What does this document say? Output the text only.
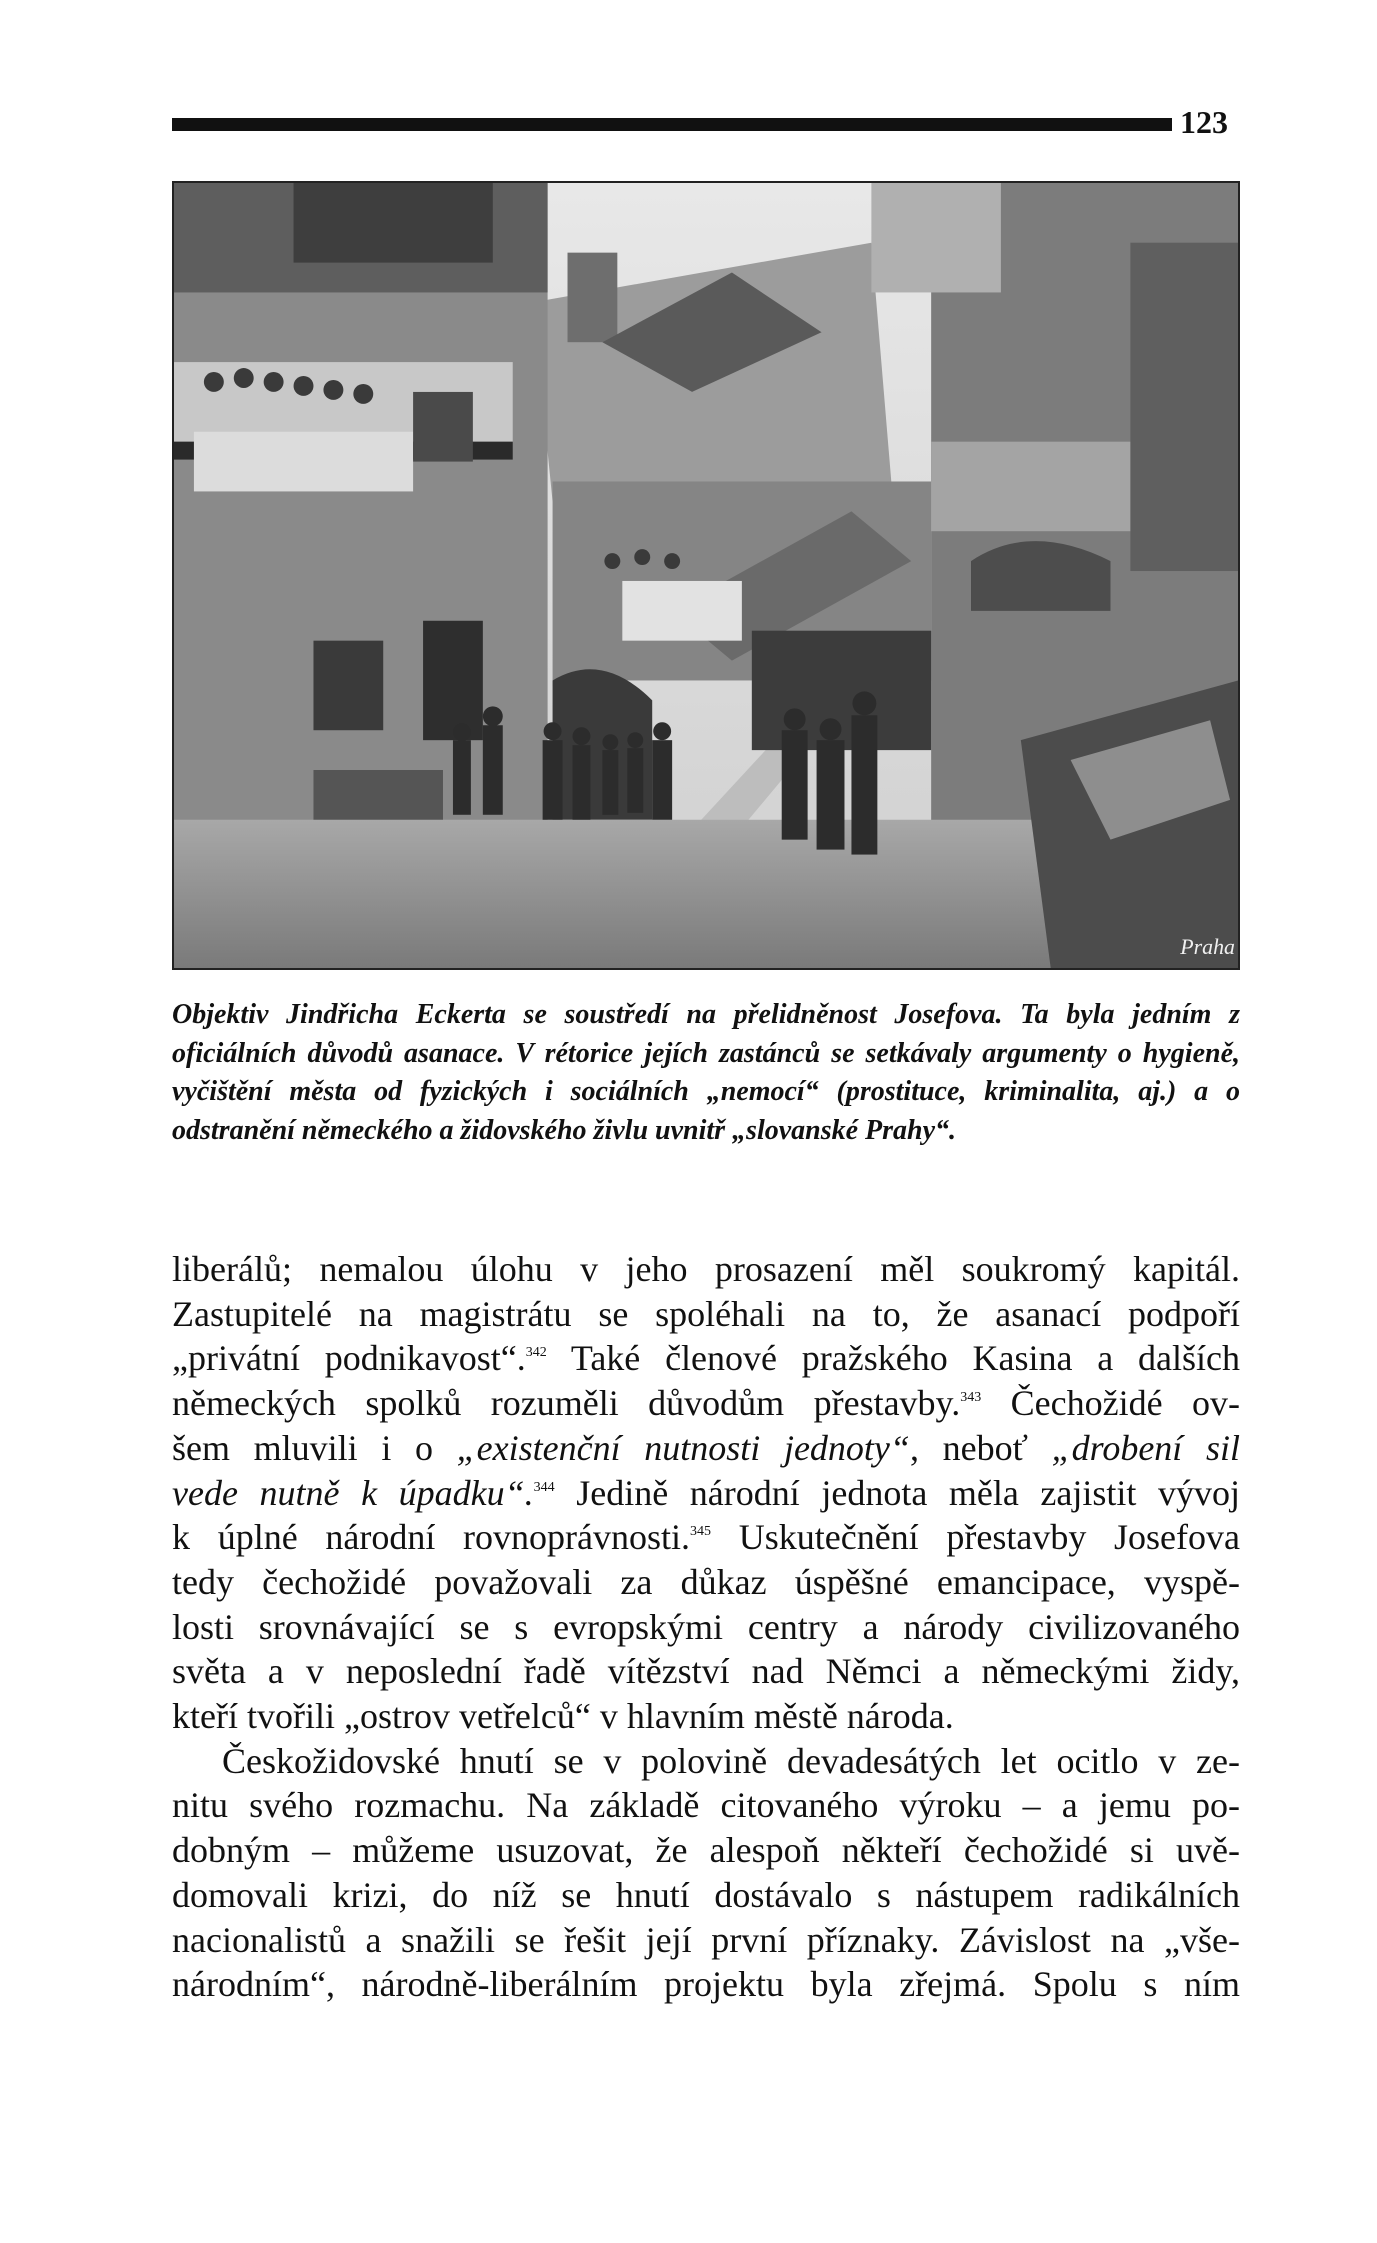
123
Praha

Objektiv Jindřicha Eckerta se soustředí na přelidněnost Josefova. Ta byla jedním z oficiálních důvodů asanace. V rétorice jejích zastánců se setkávaly argumenty o hygieně, vyčištění města od fyzických i sociálních „nemocí“ (prostituce, kriminalita, aj.) a o odstranění německého a židovského živlu uvnitř „slovanské Prahy“.

liberálů; nemalou úlohu v jeho prosazení měl soukromý kapitál.
Zastupitelé na magistrátu se spoléhali na to, že asanací podpoří
„privátní podnikavost“.$^{342}$ Také členové pražského Kasina a dalších
německých spolků rozuměli důvodům přestavby.$^{343}$ Čechožidé ov-
šem mluvili i o „existenční nutnosti jednoty“, neboť „drobení sil
vede nutně k úpadku“.$^{344}$ Jedině národní jednota měla zajistit vývoj
k úplné národní rovnoprávnosti.$^{345}$ Uskutečnění přestavby Josefova
tedy čechožidé považovali za důkaz úspěšné emancipace, vyspě-
losti srovnávající se s evropskými centry a národy civilizovaného
světa a v neposlední řadě vítězství nad Němci a německými židy,
kteří tvořili „ostrov vetřelců“ v hlavním městě národa.
Českožidovské hnutí se v polovině devadesátých let ocitlo v ze-
nitu svého rozmachu. Na základě citovaného výroku – a jemu po-
dobným – můžeme usuzovat, že alespoň někteří čechožidé si uvě-
domovali krizi, do níž se hnutí dostávalo s nástupem radikálních
nacionalistů a snažili se řešit její první příznaky. Závislost na „vše-
národním“, národně-liberálním projektu byla zřejmá. Spolu s ním
